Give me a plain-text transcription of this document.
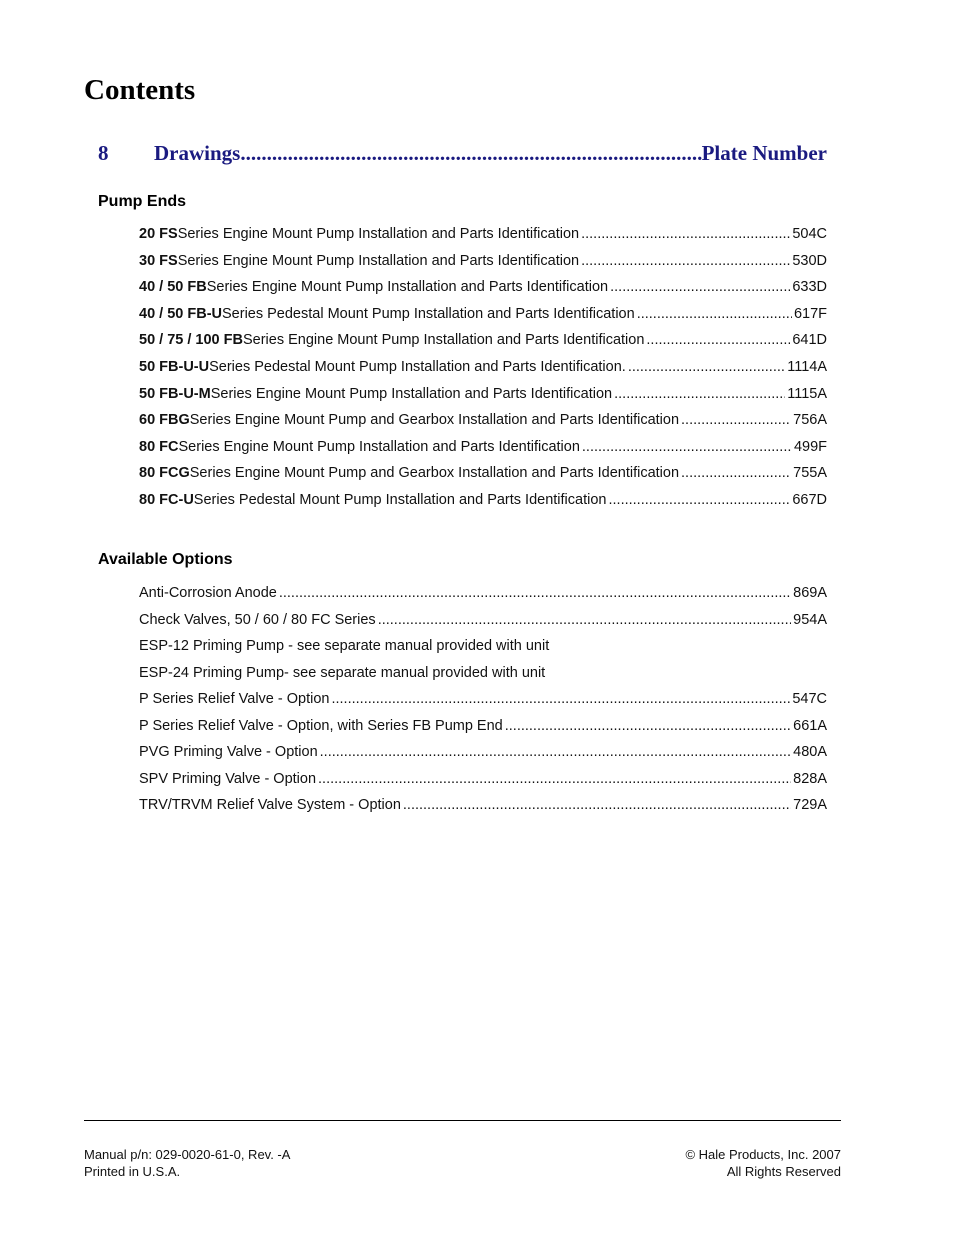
Contents
8	Drawings .....	Plate Number
Pump Ends
20 FS Series Engine Mount Pump Installation and Parts Identification .....	504C
30 FS Series Engine Mount Pump Installation and Parts Identification .....	530D
40 / 50 FB Series Engine Mount Pump Installation and Parts Identification .....	633D
40 / 50 FB-U Series Pedestal Mount Pump Installation and Parts Identification .....	617F
50 / 75 / 100 FB Series Engine Mount Pump Installation and Parts Identification .....	641D
50 FB-U-U Series Pedestal Mount Pump Installation and Parts Identification. .....	1114A
50 FB-U-M Series Engine Mount Pump Installation and Parts Identification .....	1115A
60 FBG Series Engine Mount Pump and Gearbox Installation and Parts Identification .....	756A
80 FC Series Engine Mount Pump Installation and Parts Identification .....	499F
80 FCG Series Engine Mount Pump and Gearbox Installation and Parts Identification .....	755A
80 FC-U Series Pedestal Mount Pump Installation and Parts Identification .....	667D
Available Options
Anti-Corrosion Anode .....	869A
Check Valves, 50 / 60 / 80 FC Series .....	954A
ESP-12 Priming Pump - see separate manual provided with unit
ESP-24 Priming Pump- see separate manual provided with unit
P Series Relief Valve - Option .....	547C
P Series Relief Valve - Option, with Series FB Pump End .....	661A
PVG Priming Valve - Option .....	480A
SPV Priming Valve - Option .....	828A
TRV/TRVM Relief Valve System - Option .....	729A
Manual p/n: 029-0020-61-0, Rev. -A
Printed in U.S.A.
© Hale Products, Inc. 2007
All Rights Reserved
